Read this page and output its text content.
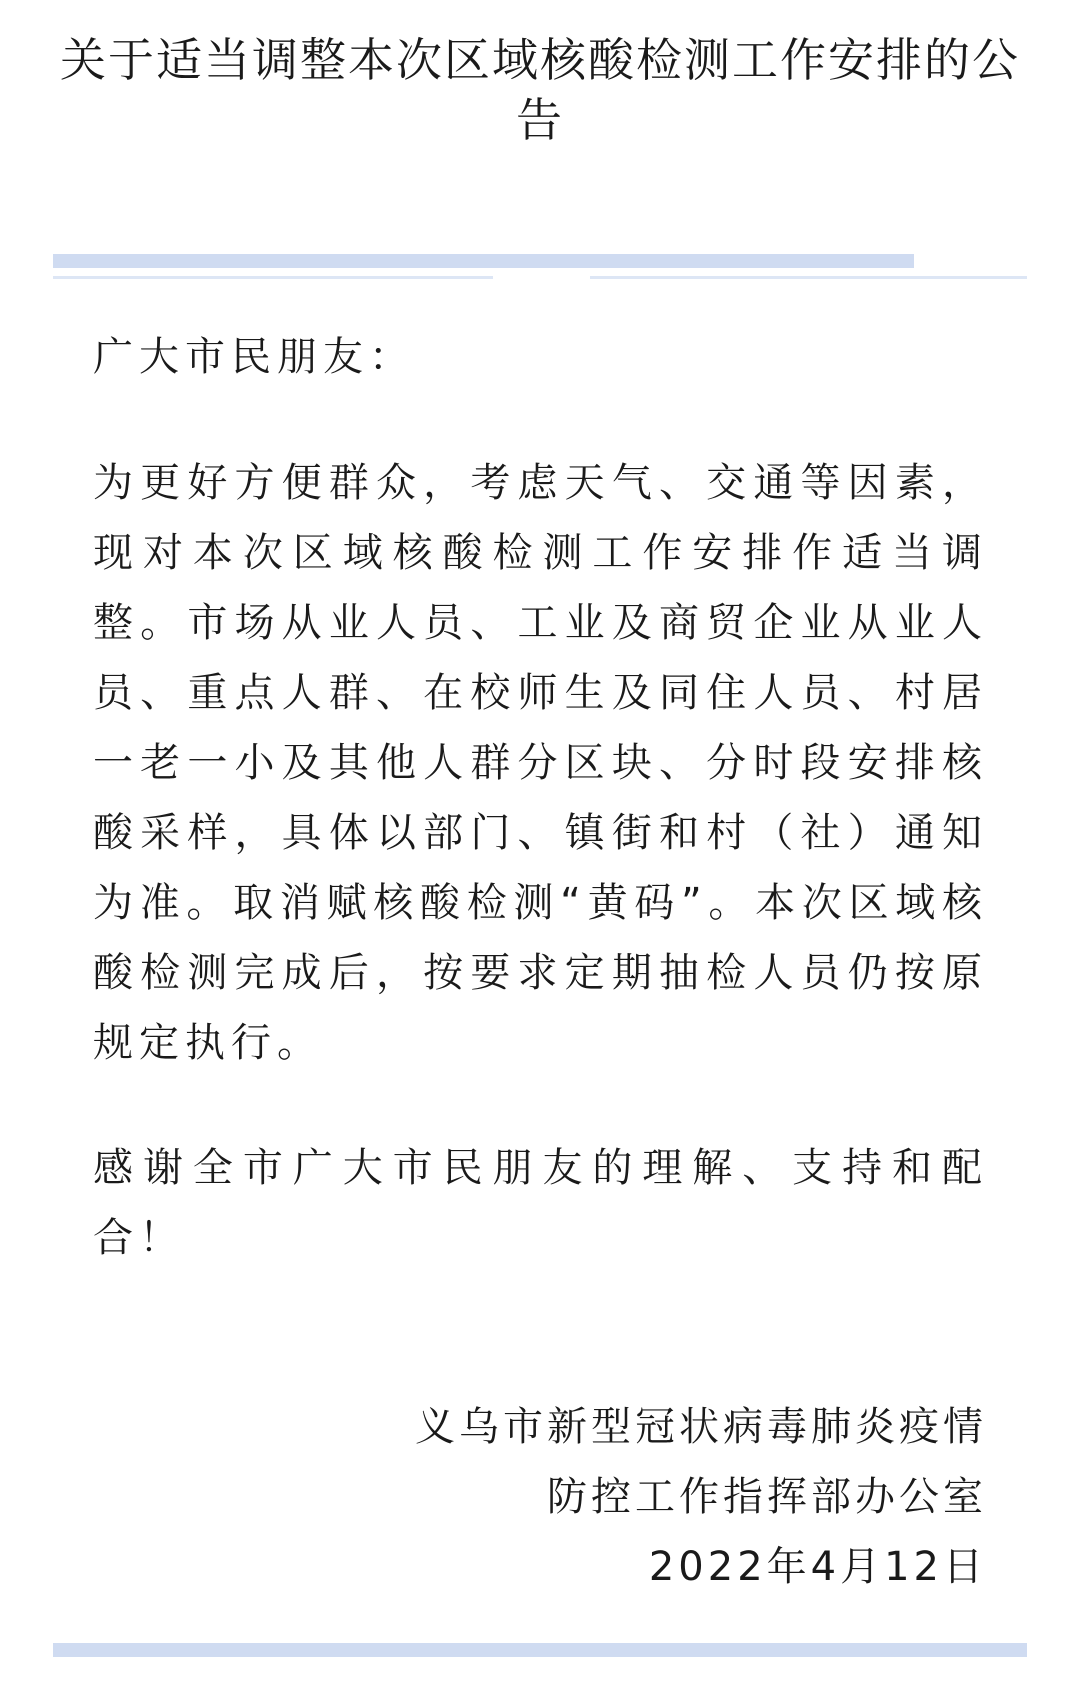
关于适当调整本次区域核酸检测工作安排的公告

广大市民朋友：

为更好方便群众，考虑天气、交通等因素，现对本次区域核酸检测工作安排作适当调整。市场从业人员、工业及商贸企业从业人员、重点人群、在校师生及同住人员、村居一老一小及其他人群分区块、分时段安排核酸采样，具体以部门、镇街和村（社）通知为准。取消赋核酸检测“黄码”。本次区域核酸检测完成后，按要求定期抽检人员仍按原规定执行。

感谢全市广大市民朋友的理解、支持和配合！

义乌市新型冠状病毒肺炎疫情
防控工作指挥部办公室
2022年4月12日
